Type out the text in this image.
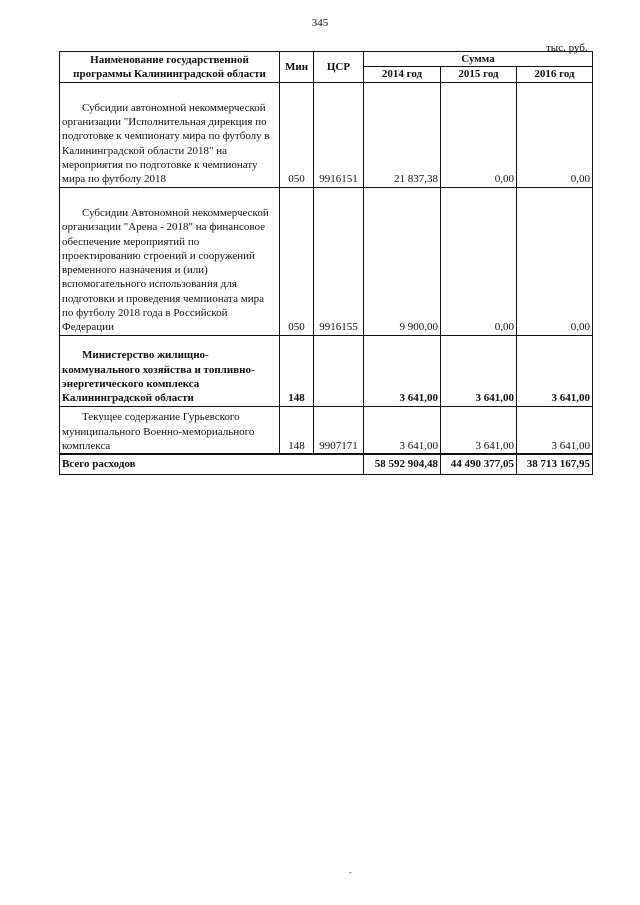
345
тыс. руб.
Наименование государственной программы Калининградской области	Мин	ЦСР	Сумма		
			2014 год	2015 год	2016 год
Субсидии автономной некоммерческой организации "Исполнительная дирекция по подготовке к чемпионату мира по футболу в Калининградской области 2018" на мероприятия по подготовке к чемпионату мира по футболу 2018	050	9916151	21 837,38	0,00	0,00
Субсидии Автономной некоммерческой организации "Арена - 2018" на финансовое обеспечение мероприятий по проектированию строений и сооружений временного назначения и (или) вспомогательного использования для подготовки и проведения чемпионата мира по футболу 2018 года в Российской Федерации	050	9916155	9 900,00	0,00	0,00
Министерство жилищно-коммунального хозяйства и топливно-энергетического комплекса Калининградской области	148		3 641,00	3 641,00	3 641,00
Текущее содержание Гурьевского муниципального Военно-мемориального комплекса	148	9907171	3 641,00	3 641,00	3 641,00
Всего расходов			58 592 904,48	44 490 377,05	38 713 167,95
-
